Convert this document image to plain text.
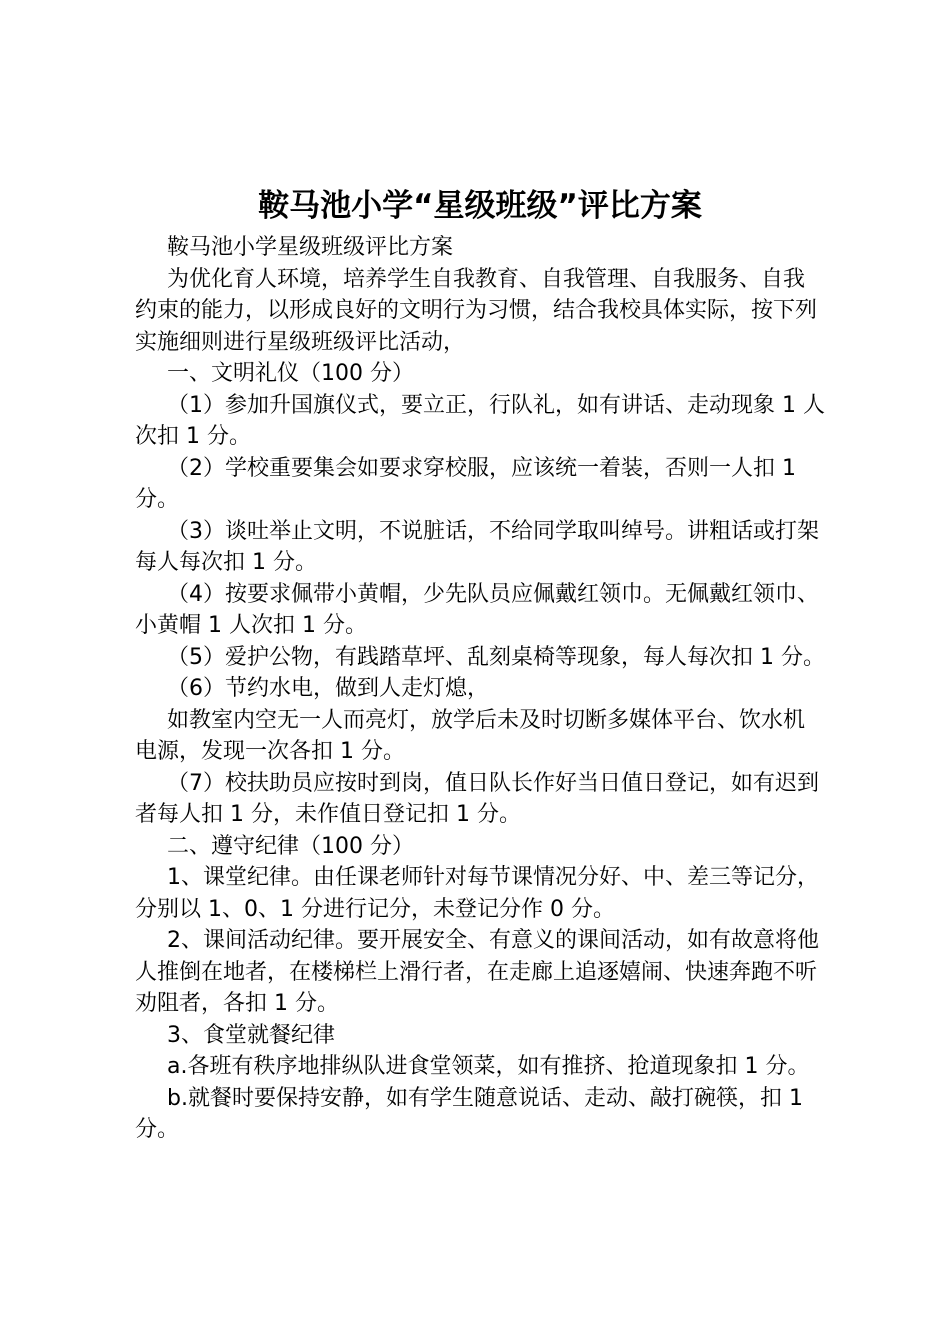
鞍马池小学“星级班级”评比方案

鞍马池小学星级班级评比方案

为优化育人环境，培养学生自我教育、自我管理、自我服务、自我约束的能力，以形成良好的文明行为习惯，结合我校具体实际，按下列实施细则进行星级班级评比活动，

一、文明礼仪（100 分）

（1）参加升国旗仪式，要立正，行队礼，如有讲话、走动现象 1 人次扣 1 分。

（2）学校重要集会如要求穿校服，应该统一着装，否则一人扣 1 分。

（3）谈吐举止文明，不说脏话，不给同学取叫绰号。讲粗话或打架每人每次扣 1 分。

（4）按要求佩带小黄帽，少先队员应佩戴红领巾。无佩戴红领巾、小黄帽 1 人次扣 1 分。

（5）爱护公物，有践踏草坪、乱刻桌椅等现象，每人每次扣 1 分。

（6）节约水电，做到人走灯熄，

如教室内空无一人而亮灯，放学后未及时切断多媒体平台、饮水机电源，发现一次各扣 1 分。

（7）校扶助员应按时到岗，值日队长作好当日值日登记，如有迟到者每人扣 1 分，未作值日登记扣 1 分。

二、遵守纪律（100 分）

1、课堂纪律。由任课老师针对每节课情况分好、中、差三等记分，分别以 1、0、1 分进行记分，未登记分作 0 分。

2、课间活动纪律。要开展安全、有意义的课间活动，如有故意将他人推倒在地者，在楼梯栏上滑行者，在走廊上追逐嬉闹、快速奔跑不听劝阻者，各扣 1 分。

3、食堂就餐纪律

a.各班有秩序地排纵队进食堂领菜，如有推挤、抢道现象扣 1 分。

b.就餐时要保持安静，如有学生随意说话、走动、敲打碗筷，扣 1 分。
